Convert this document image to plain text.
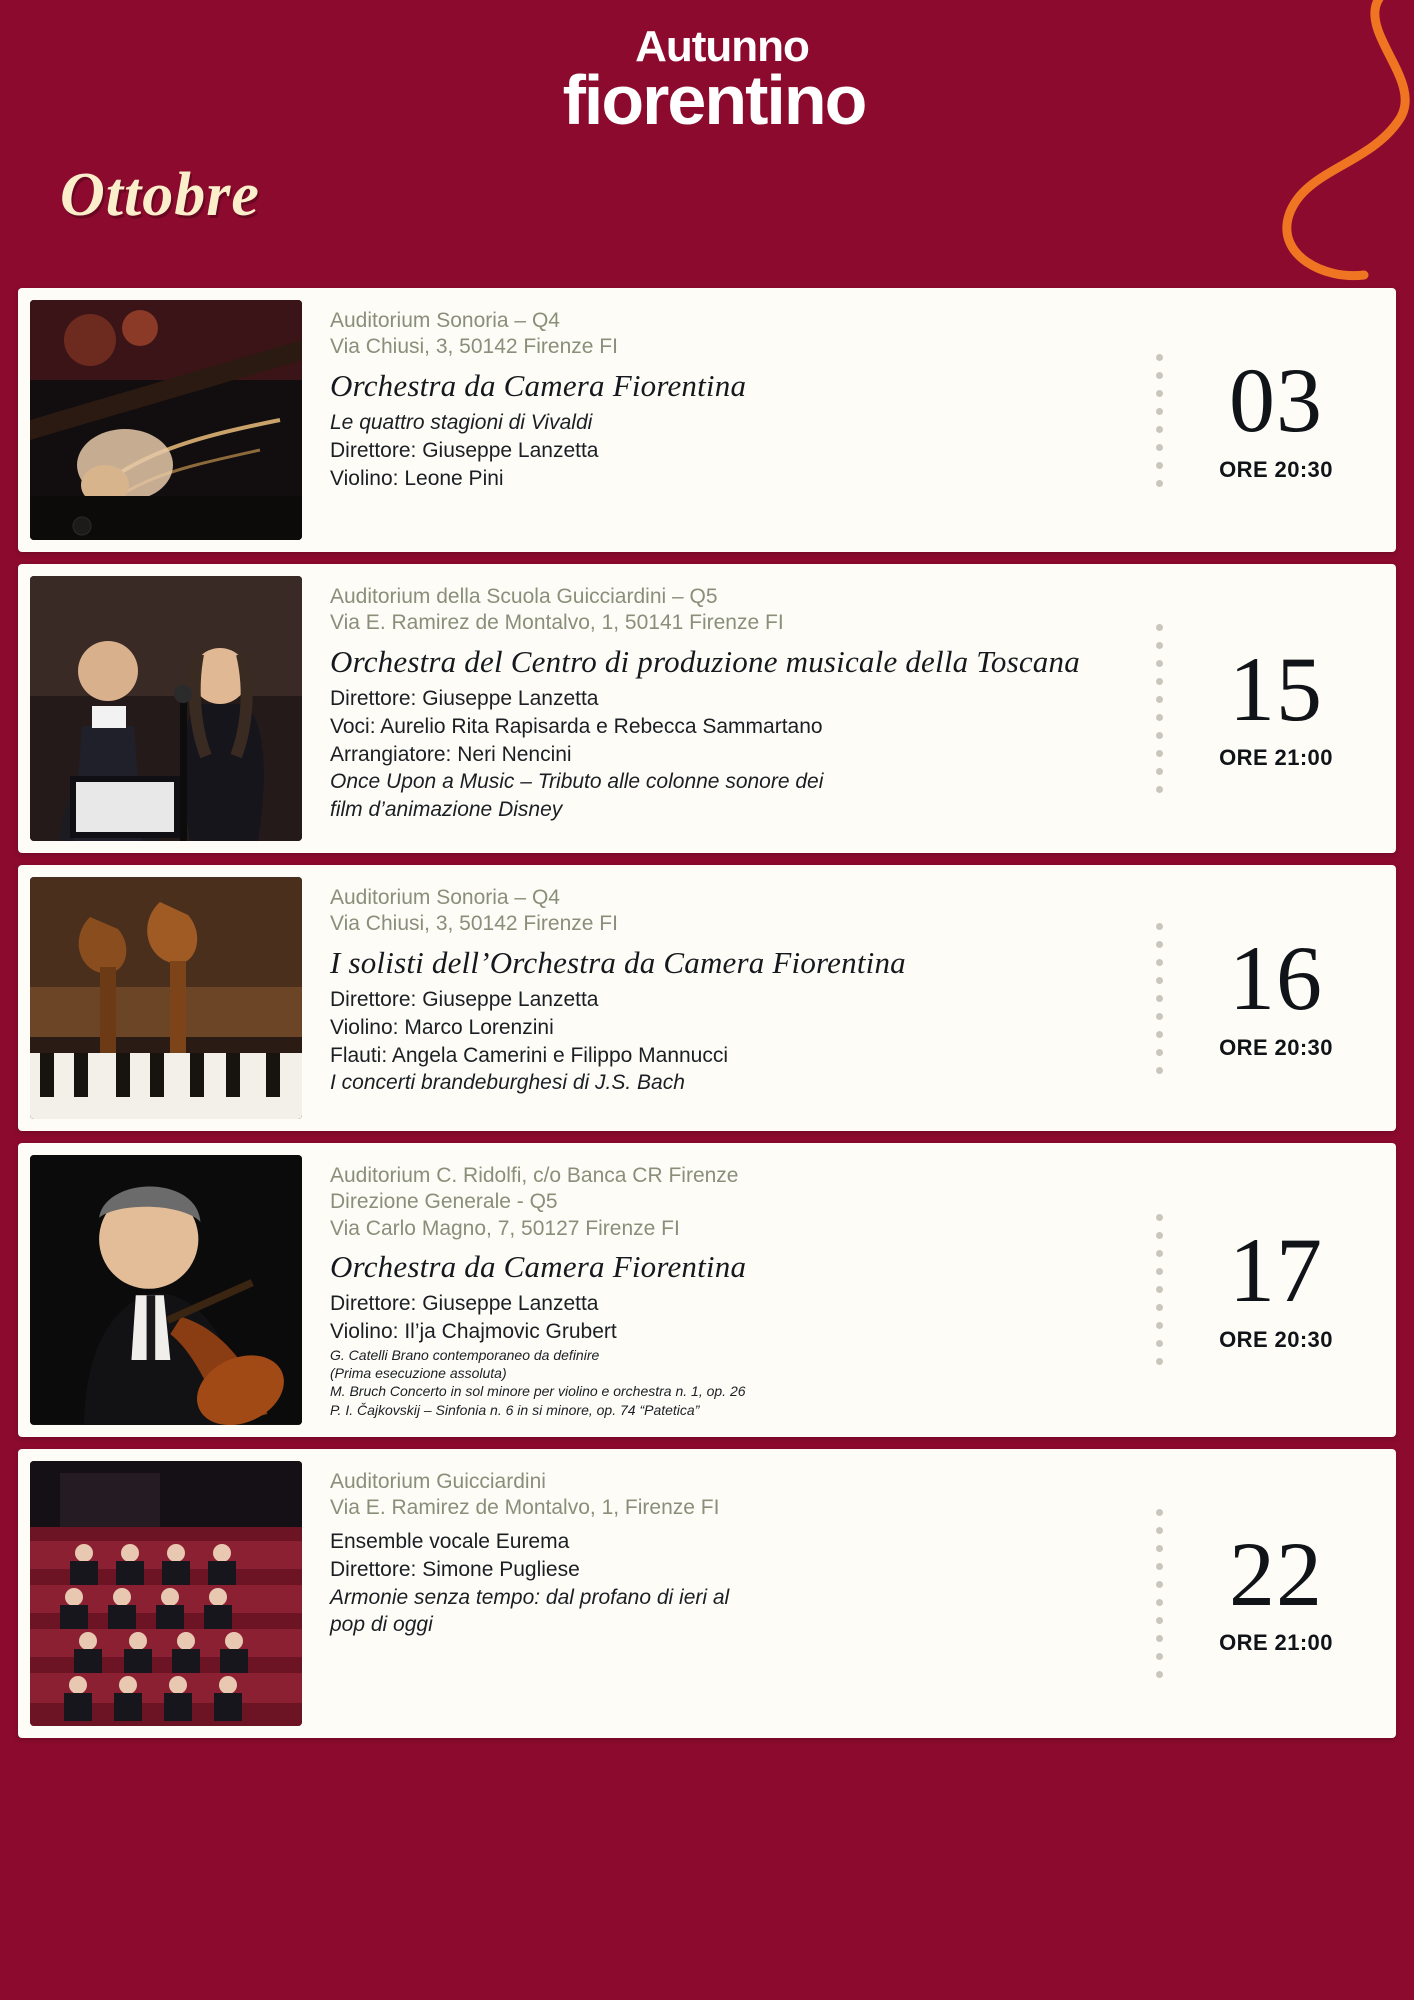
Autunno
fiorentino
Ottobre
Auditorium Sonoria – Q4
Via Chiusi, 3, 50142 Firenze FI
Orchestra da Camera Fiorentina
Le quattro stagioni di Vivaldi
Direttore: Giuseppe Lanzetta
Violino: Leone Pini
03
ORE 20:30
Auditorium della Scuola Guicciardini – Q5
Via E. Ramirez de Montalvo, 1, 50141 Firenze FI
Orchestra del Centro di produzione musicale della Toscana
Direttore: Giuseppe Lanzetta
Voci: Aurelio Rita Rapisarda e Rebecca Sammartano
Arrangiatore: Neri Nencini
Once Upon a Music – Tributo alle colonne sonore dei
film d’animazione Disney
15
ORE 21:00
Auditorium Sonoria – Q4
Via Chiusi, 3, 50142 Firenze FI
I solisti dell’Orchestra da Camera Fiorentina
Direttore: Giuseppe Lanzetta
Violino: Marco Lorenzini
Flauti: Angela Camerini e Filippo Mannucci
I concerti brandeburghesi di J.S. Bach
16
ORE 20:30
Auditorium C. Ridolfi, c/o Banca CR Firenze
Direzione Generale - Q5
Via Carlo Magno, 7, 50127 Firenze FI
Orchestra da Camera Fiorentina
Direttore: Giuseppe Lanzetta
Violino: Il’ja Chajmovic Grubert
G. Catelli Brano contemporaneo da definire
(Prima esecuzione assoluta)
M. Bruch Concerto in sol minore per violino e orchestra n. 1, op. 26
P. I. Čajkovskij – Sinfonia n. 6 in si minore, op. 74 “Patetica”
17
ORE 20:30
Auditorium Guicciardini
Via E. Ramirez de Montalvo, 1, Firenze FI
Ensemble vocale Eurema
Direttore: Simone Pugliese
Armonie senza tempo: dal profano di ieri al
pop di oggi
22
ORE 21:00
